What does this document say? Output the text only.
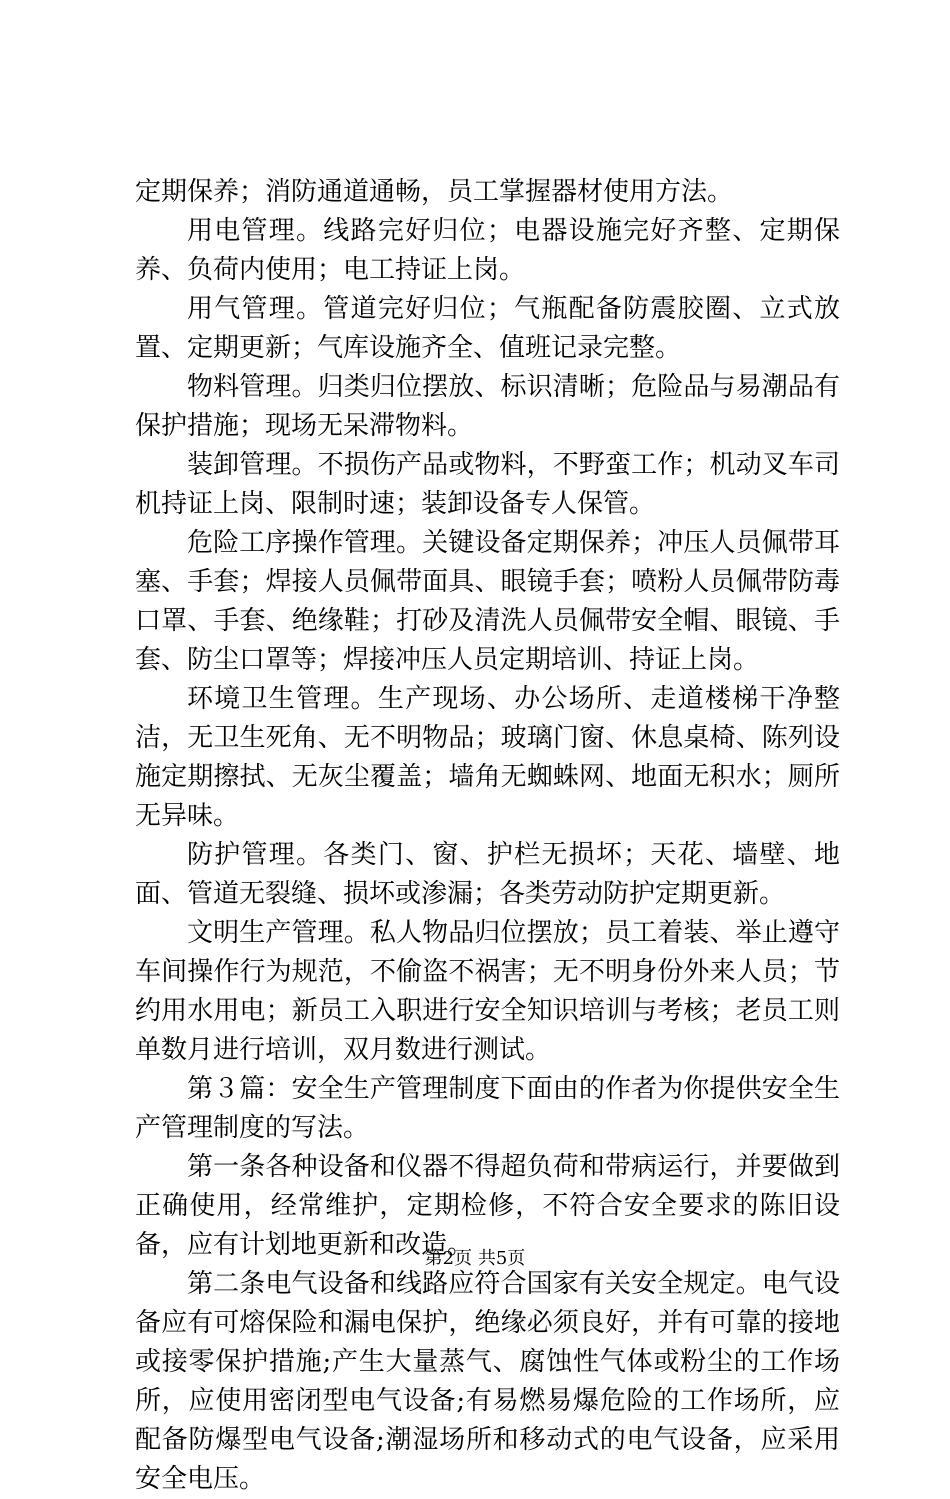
定期保养；消防通道通畅，员工掌握器材使用方法。

用电管理。线路完好归位；电器设施完好齐整、定期保养、负荷内使用；电工持证上岗。

用气管理。管道完好归位；气瓶配备防震胶圈、立式放置、定期更新；气库设施齐全、值班记录完整。

物料管理。归类归位摆放、标识清晰；危险品与易潮品有保护措施；现场无呆滞物料。

装卸管理。不损伤产品或物料，不野蛮工作；机动叉车司机持证上岗、限制时速；装卸设备专人保管。

危险工序操作管理。关键设备定期保养；冲压人员佩带耳塞、手套；焊接人员佩带面具、眼镜手套；喷粉人员佩带防毒口罩、手套、绝缘鞋；打砂及清洗人员佩带安全帽、眼镜、手套、防尘口罩等；焊接冲压人员定期培训、持证上岗。

环境卫生管理。生产现场、办公场所、走道楼梯干净整洁，无卫生死角、无不明物品；玻璃门窗、休息桌椅、陈列设施定期擦拭、无灰尘覆盖；墙角无蜘蛛网、地面无积水；厕所无异味。

防护管理。各类门、窗、护栏无损坏；天花、墙壁、地面、管道无裂缝、损坏或渗漏；各类劳动防护定期更新。

文明生产管理。私人物品归位摆放；员工着装、举止遵守车间操作行为规范，不偷盗不祸害；无不明身份外来人员；节约用水用电；新员工入职进行安全知识培训与考核；老员工则单数月进行培训，双月数进行测试。

第３篇：安全生产管理制度下面由的作者为你提供安全生产管理制度的写法。

第一条各种设备和仪器不得超负荷和带病运行，并要做到正确使用，经常维护，定期检修，不符合安全要求的陈旧设备，应有计划地更新和改造。

第二条电气设备和线路应符合国家有关安全规定。电气设备应有可熔保险和漏电保护，绝缘必须良好，并有可靠的接地或接零保护措施;产生大量蒸气、腐蚀性气体或粉尘的工作场所，应使用密闭型电气设备;有易燃易爆危险的工作场所，应配备防爆型电气设备;潮湿场所和移动式的电气设备，应采用安全电压。

第2页 共5页
